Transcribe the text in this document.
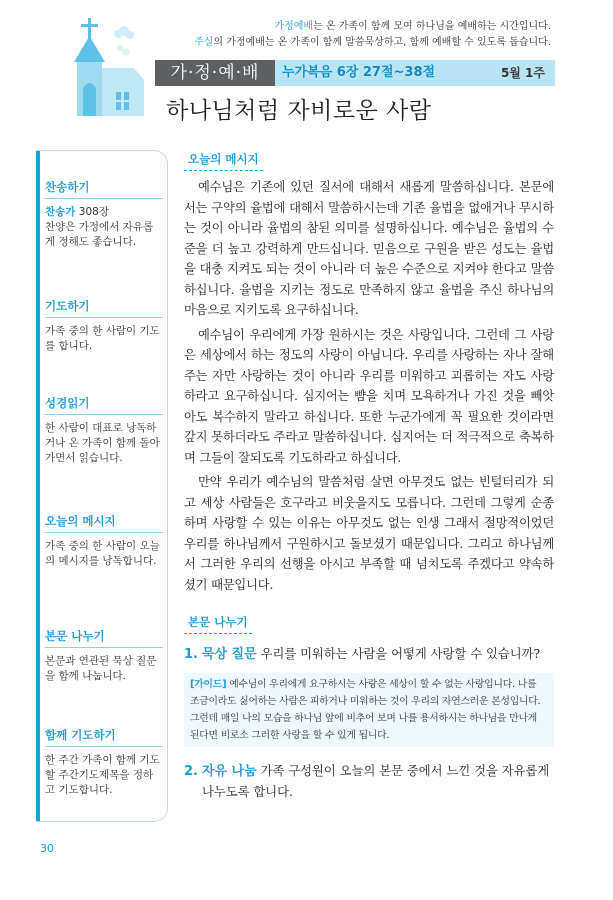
가정예배는 온 가족이 함께 모여 하나님을 예배하는 시간입니다.
주실의 가정예배는 온 가족이 함께 말씀묵상하고, 함께 예배할 수 있도록 돕습니다.
가·정·예·배	누가복음 6장 27절~38절	5월 1주
하나님처럼 자비로운 사람
찬송하기
찬송가 308장
찬양은 가정에서 자유롭게 정해도 좋습니다.
기도하기
가족 중의 한 사람이 기도를 합니다.
성경읽기
한 사람이 대표로 낭독하거나 온 가족이 함께 돌아가면서 읽습니다.
오늘의 메시지
가족 중의 한 사람이 오늘의 메시지를 낭독합니다.
본문 나누기
본문과 연관된 묵상 질문을 함께 나눕니다.
함께 기도하기
한 주간 가족이 함께 기도할 주간기도제목을 정하고 기도합니다.
오늘의 메시지

예수님은 기존에 있던 질서에 대해서 새롭게 말씀하십니다. 본문에서는 구약의 율법에 대해서 말씀하시는데 기존 율법을 없애거나 무시하는 것이 아니라 율법의 참된 의미를 설명하십니다. 예수님은 율법의 수준을 더 높고 강력하게 만드십니다. 믿음으로 구원을 받은 성도는 율법을 대충 지켜도 되는 것이 아니라 더 높은 수준으로 지켜야 한다고 말씀하십니다. 율법을 지키는 정도로 만족하지 않고 율법을 주신 하나님의 마음으로 지키도록 요구하십니다.

예수님이 우리에게 가장 원하시는 것은 사랑입니다. 그런데 그 사랑은 세상에서 하는 정도의 사랑이 아닙니다. 우리를 사랑하는 자나 잘해 주는 자만 사랑하는 것이 아니라 우리를 미워하고 괴롭히는 자도 사랑하라고 요구하십니다. 심지어는 뺨을 치며 모욕하거나 가진 것을 빼앗아도 복수하지 말라고 하십니다. 또한 누군가에게 꼭 필요한 것이라면 갚지 못하더라도 주라고 말씀하십니다. 심지어는 더 적극적으로 축복하며 그들이 잘되도록 기도하라고 하십니다.

만약 우리가 예수님의 말씀처럼 살면 아무것도 없는 빈털터리가 되고 세상 사람들은 호구라고 비웃을지도 모릅니다. 그런데 그렇게 순종하며 사랑할 수 있는 이유는 아무것도 없는 인생 그래서 절망적이었던 우리를 하나님께서 구원하시고 돌보셨기 때문입니다. 그리고 하나님께서 그러한 우리의 선행을 아시고 부족할 때 넘치도록 주겠다고 약속하셨기 때문입니다.

본문 나누기
1. 묵상 질문 우리를 미워하는 사람을 어떻게 사랑할 수 있습니까?
[가이드] 예수님이 우리에게 요구하시는 사랑은 세상이 할 수 없는 사랑입니다. 나를 조금이라도 싫어하는 사람은 피하거나 미워하는 것이 우리의 자연스러운 본성입니다. 그런데 매일 나의 모습을 하나님 앞에 비추어 보며 나를 용서하시는 하나님을 만나게 된다면 비로소 그러한 사랑을 할 수 있게 됩니다.
2. 자유 나눔 가족 구성원이 오늘의 본문 중에서 느낀 것을 자유롭게 나누도록 합니다.
30
